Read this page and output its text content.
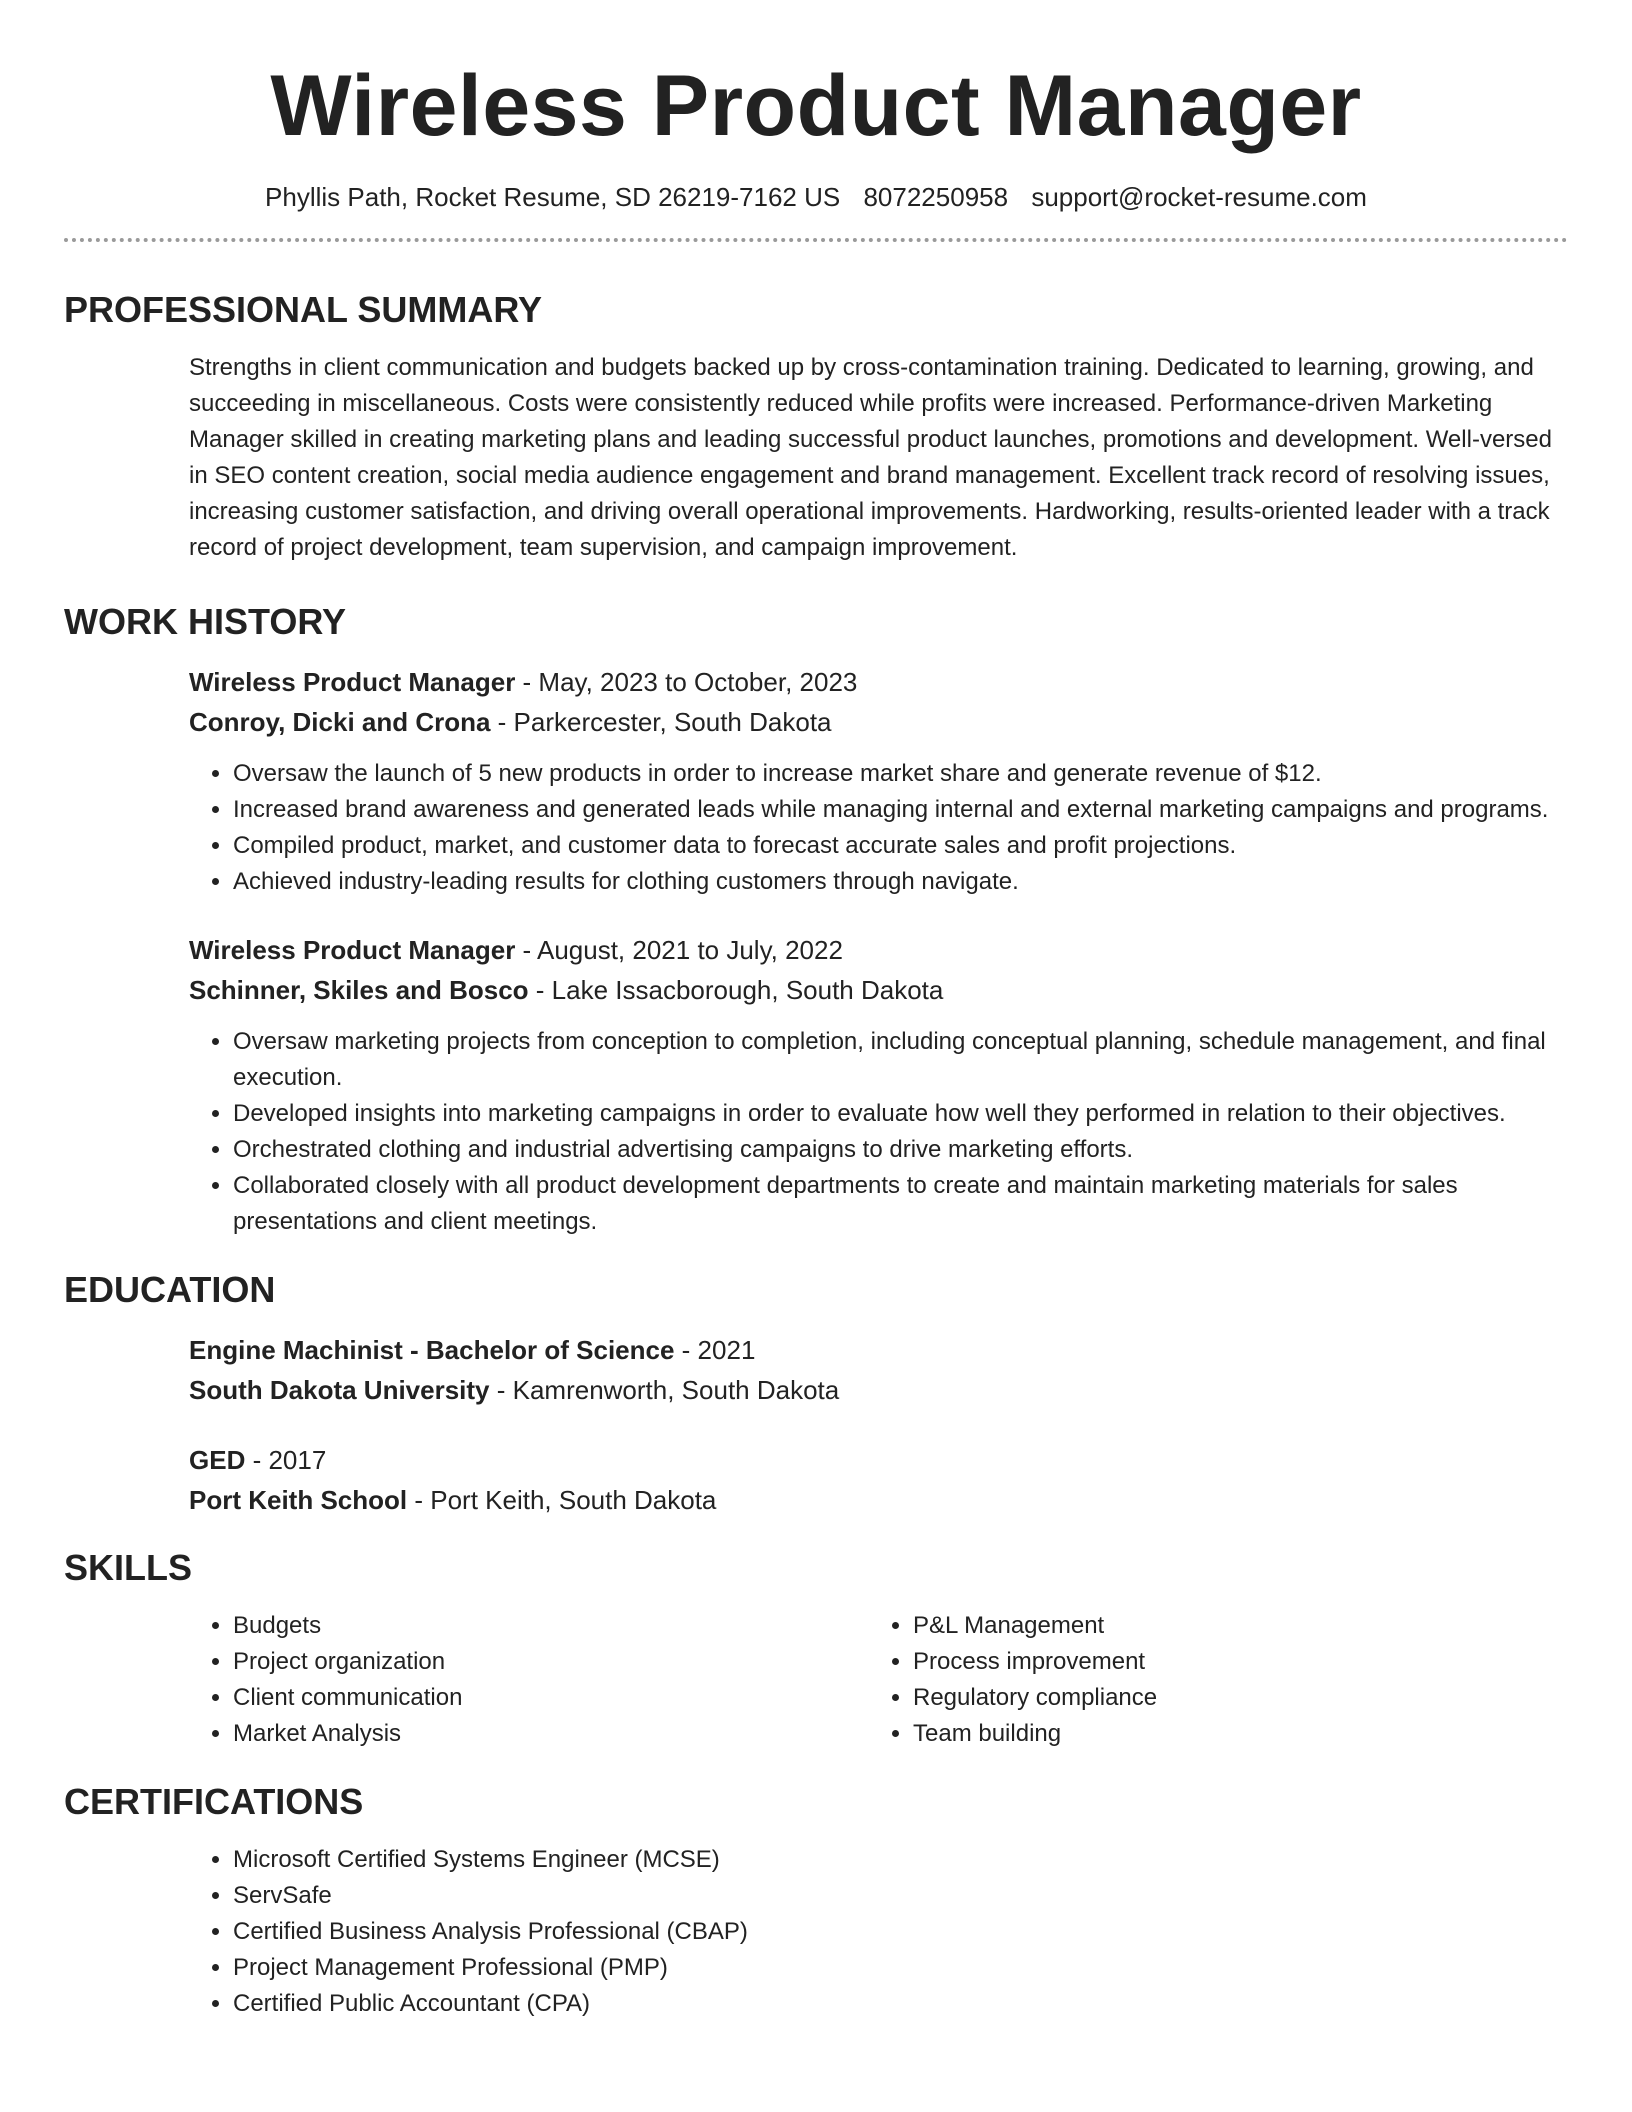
Wireless Product Manager
Phyllis Path, Rocket Resume, SD 26219-7162 US 8072250958 support@rocket-resume.com
PROFESSIONAL SUMMARY

Strengths in client communication and budgets backed up by cross-contamination training. Dedicated to learning, growing, and succeeding in miscellaneous. Costs were consistently reduced while profits were increased. Performance-driven Marketing Manager skilled in creating marketing plans and leading successful product launches, promotions and development. Well-versed in SEO content creation, social media audience engagement and brand management. Excellent track record of resolving issues, increasing customer satisfaction, and driving overall operational improvements. Hardworking, results-oriented leader with a track record of project development, team supervision, and campaign improvement.

WORK HISTORY
Wireless Product Manager - May, 2023 to October, 2023
Conroy, Dicki and Crona - Parkercester, South Dakota
• Oversaw the launch of 5 new products in order to increase market share and generate revenue of $12.
• Increased brand awareness and generated leads while managing internal and external marketing campaigns and programs.
• Compiled product, market, and customer data to forecast accurate sales and profit projections.
• Achieved industry-leading results for clothing customers through navigate.
Wireless Product Manager - August, 2021 to July, 2022
Schinner, Skiles and Bosco - Lake Issacborough, South Dakota
• Oversaw marketing projects from conception to completion, including conceptual planning, schedule management, and final execution.
• Developed insights into marketing campaigns in order to evaluate how well they performed in relation to their objectives.
• Orchestrated clothing and industrial advertising campaigns to drive marketing efforts.
• Collaborated closely with all product development departments to create and maintain marketing materials for sales presentations and client meetings.
EDUCATION
Engine Machinist - Bachelor of Science - 2021
South Dakota University - Kamrenworth, South Dakota
GED - 2017
Port Keith School - Port Keith, South Dakota
SKILLS
• Budgets
• Project organization
• Client communication
• Market Analysis
• P&L Management
• Process improvement
• Regulatory compliance
• Team building
CERTIFICATIONS
• Microsoft Certified Systems Engineer (MCSE)
• ServSafe
• Certified Business Analysis Professional (CBAP)
• Project Management Professional (PMP)
• Certified Public Accountant (CPA)
